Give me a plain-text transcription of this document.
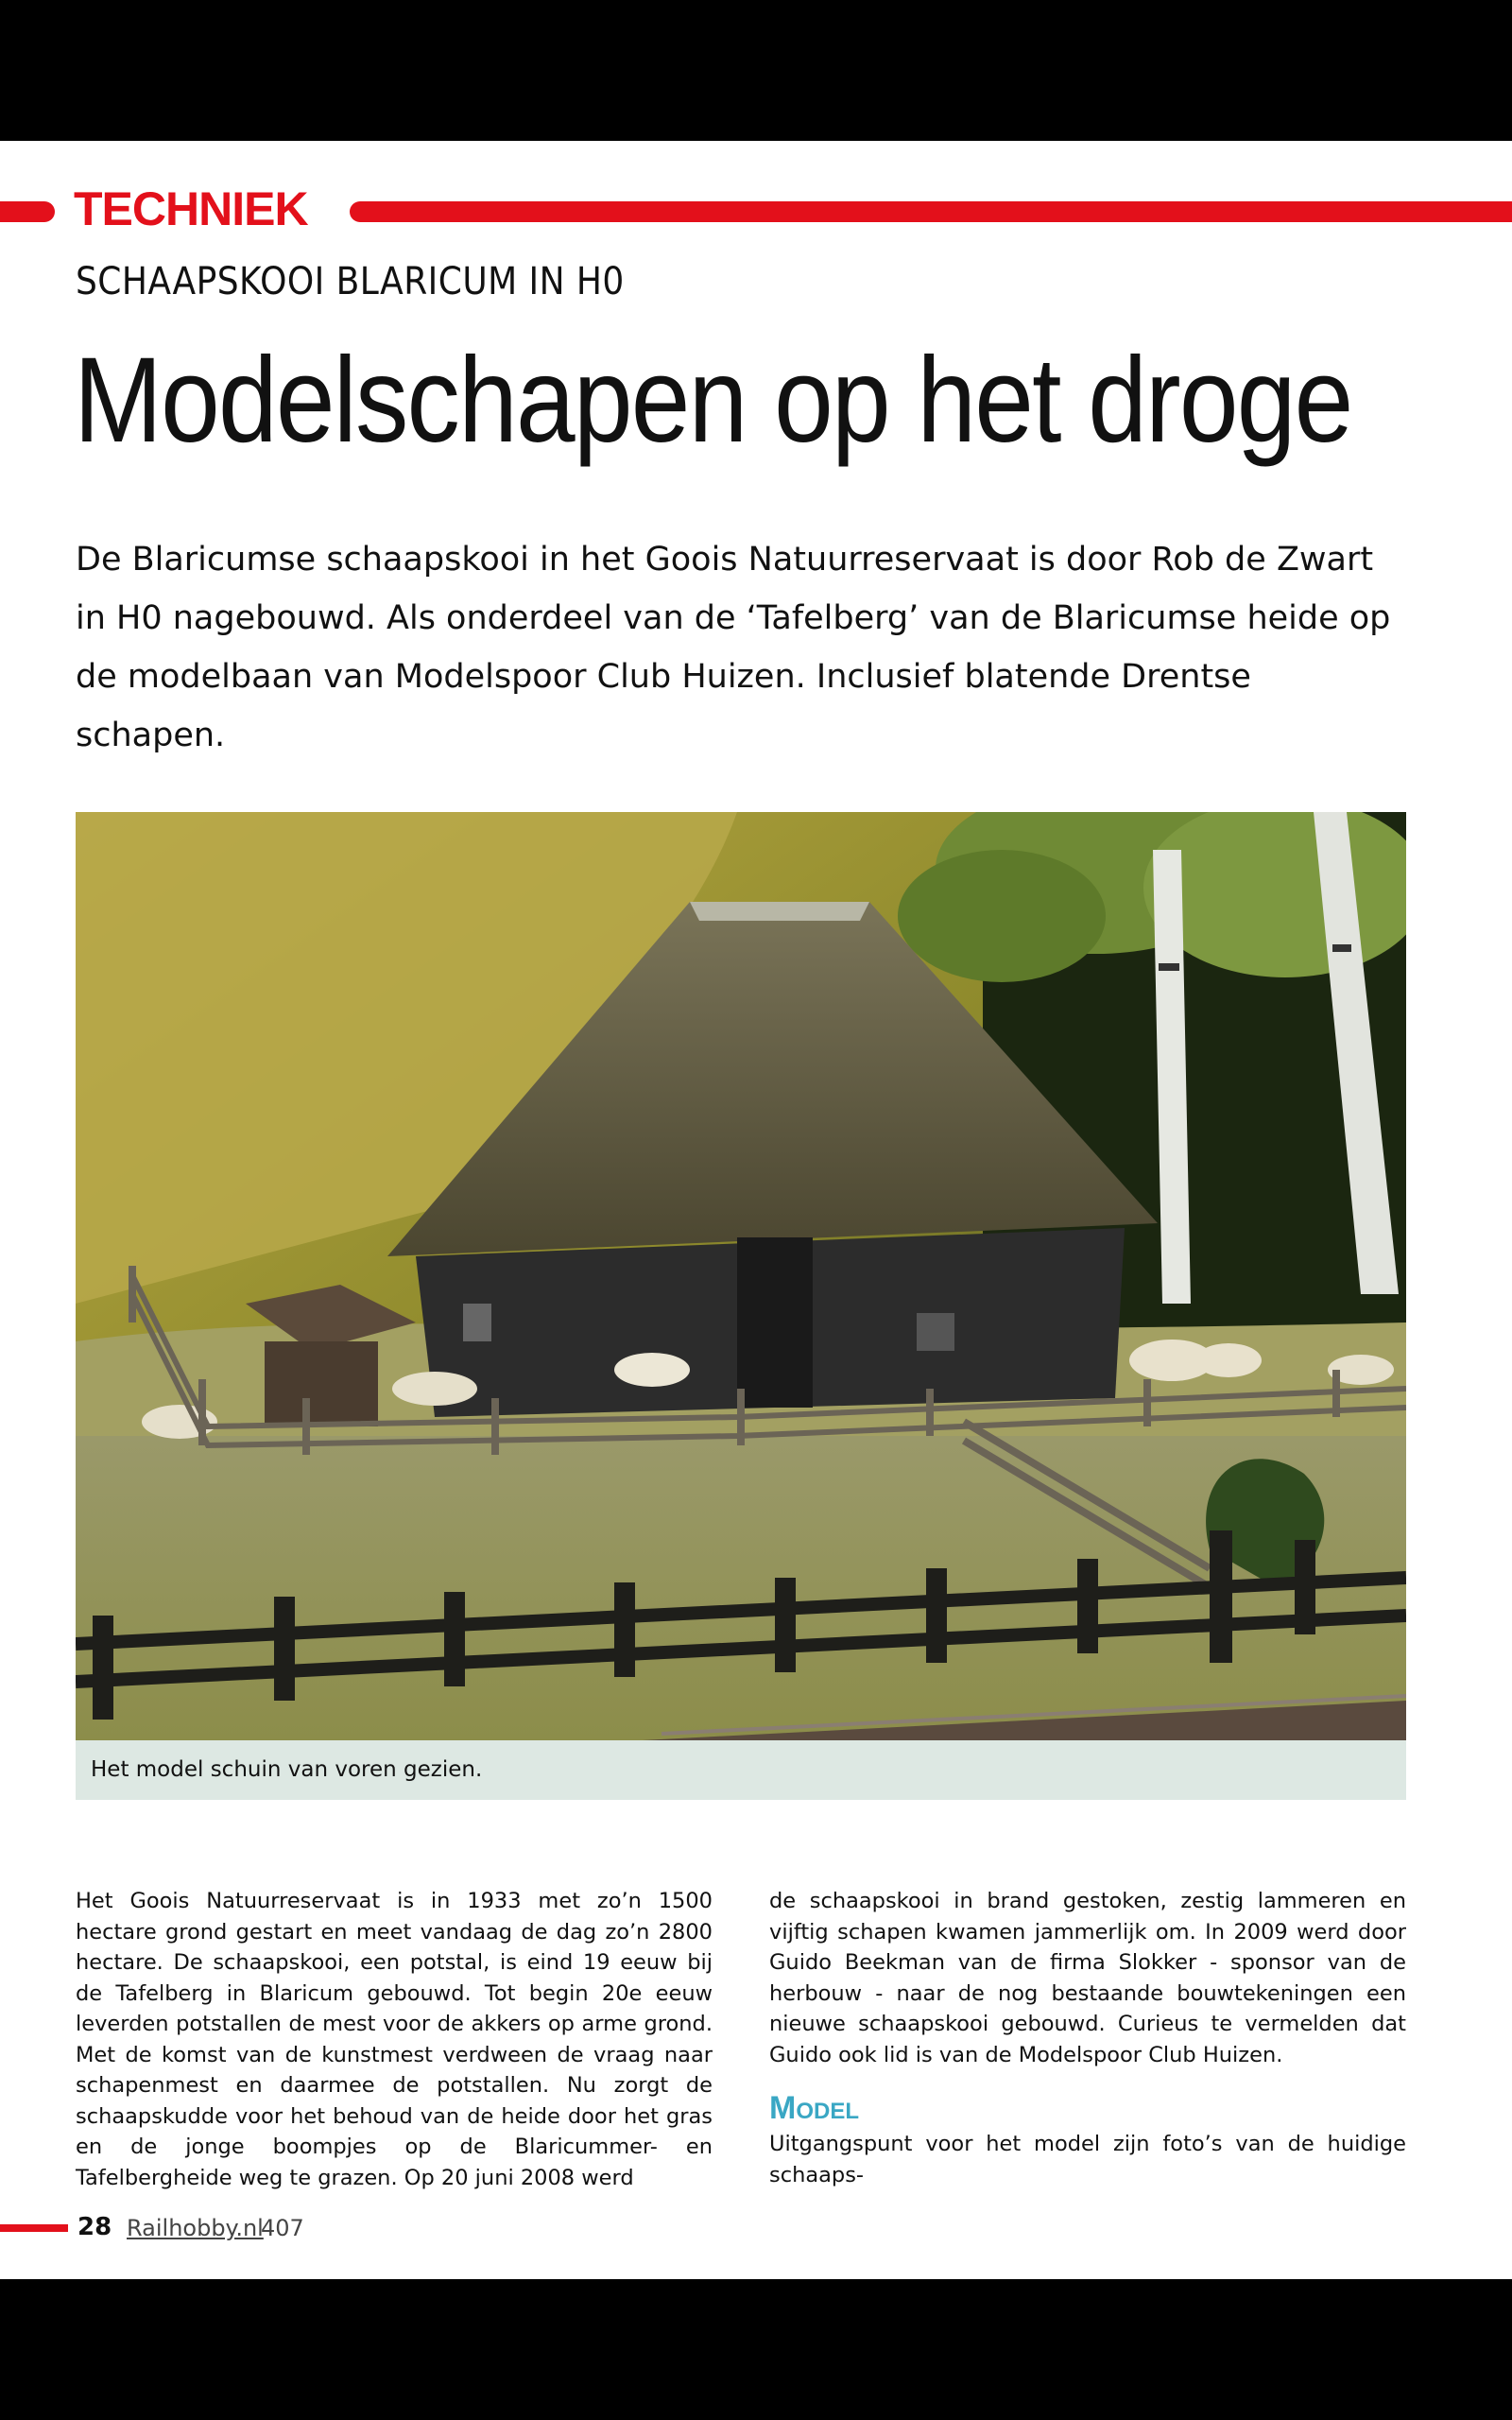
TECHNIEK
SCHAAPSKOOI BLARICUM IN H0
Modelschapen op het droge
De Blaricumse schaapskooi in het Goois Natuurreservaat is door Rob de Zwart in H0 nagebouwd. Als onderdeel van de ‘Tafelberg’ van de Blaricumse heide op de modelbaan van Modelspoor Club Huizen. Inclusief blatende Drentse schapen.
Het model schuin van voren gezien.

Het Goois Natuurreservaat is in 1933 met zo’n 1500 hectare grond gestart en meet vandaag de dag zo’n 2800 hectare. De schaapskooi, een potstal, is eind 19 eeuw bij de Tafelberg in Blaricum gebouwd. Tot begin 20e eeuw leverden potstallen de mest voor de akkers op arme grond. Met de komst van de kunstmest verdween de vraag naar schapenmest en daarmee de potstallen. Nu zorgt de schaapskudde voor het behoud van de heide door het gras en de jonge boompjes op de Blaricummer- en Tafelbergheide weg te grazen. Op 20 juni 2008 werd

de schaapskooi in brand gestoken, zestig lammeren en vijftig schapen kwamen jammerlijk om. In 2009 werd door Guido Beekman van de firma Slokker - sponsor van de herbouw - naar de nog bestaande bouwtekeningen een nieuwe schaapskooi gebouwd. Curieus te vermelden dat Guido ook lid is van de Modelspoor Club Huizen.

Model

Uitgangspunt voor het model zijn foto’s van de huidige schaaps-

28 Railhobby.nl
407
